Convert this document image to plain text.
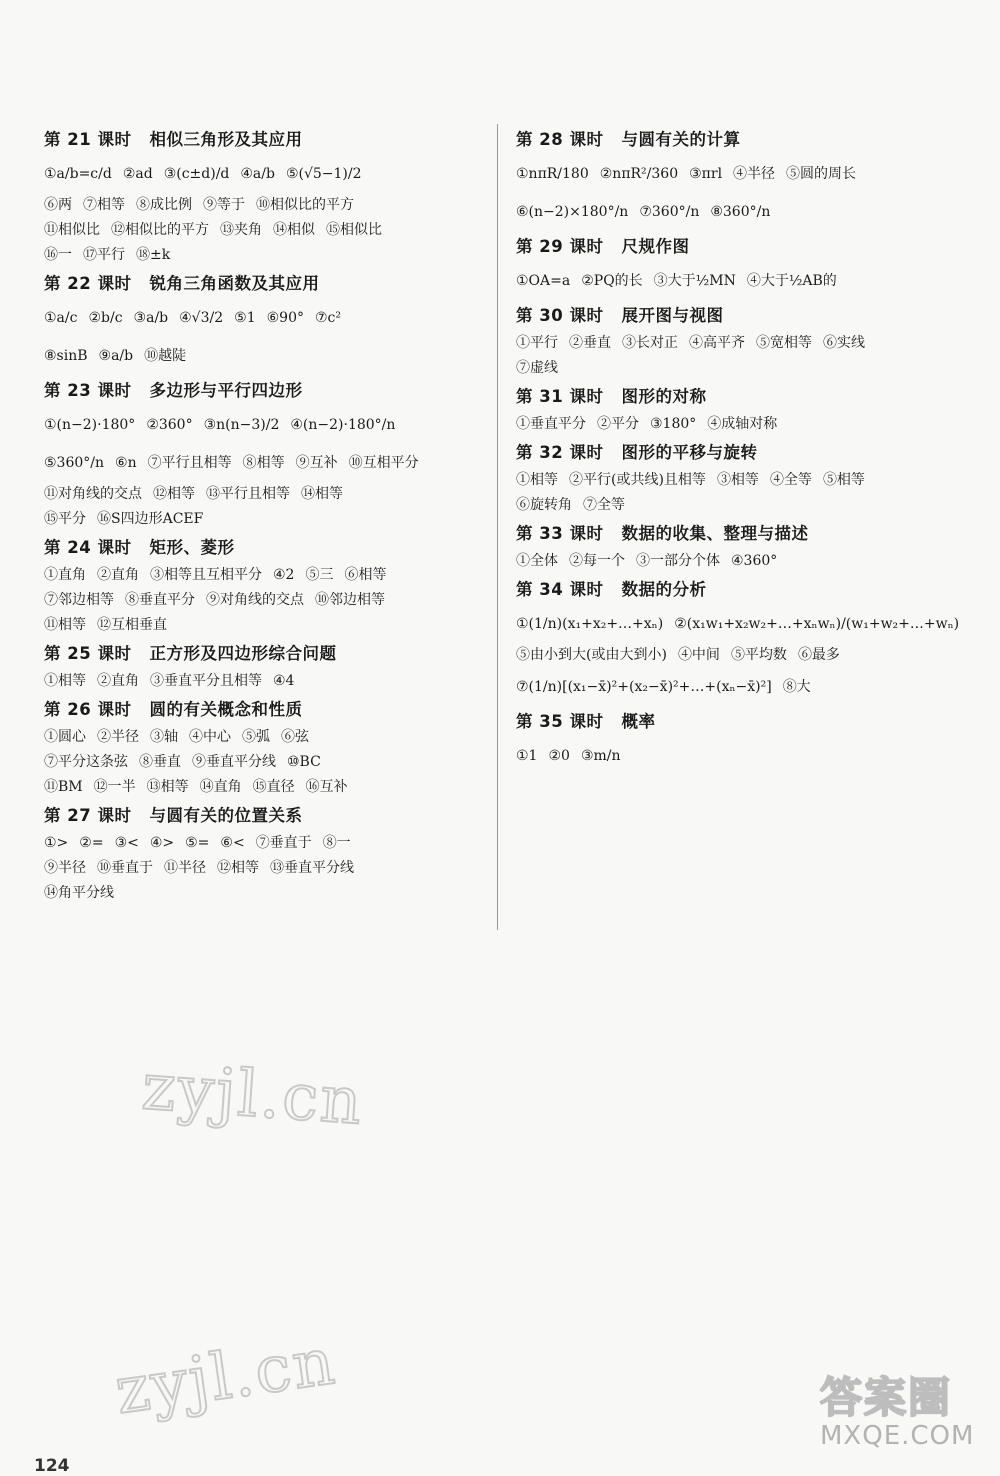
第 21 课时 相似三角形及其应用
①a/b=c/d ②ad ③(c±d)/d ④a/b ⑤(√5−1)/2
⑥两 ⑦相等 ⑧成比例 ⑨等于 ⑩相似比的平方
⑪相似比 ⑫相似比的平方 ⑬夹角 ⑭相似 ⑮相似比
⑯一 ⑰平行 ⑱±k
第 22 课时 锐角三角函数及其应用
①a/c ②b/c ③a/b ④√3/2 ⑤1 ⑥90° ⑦c²
⑧sinB ⑨a/b ⑩越陡
第 23 课时 多边形与平行四边形
①(n−2)·180° ②360° ③n(n−3)/2 ④(n−2)·180°/n
⑤360°/n ⑥n ⑦平行且相等 ⑧相等 ⑨互补 ⑩互相平分
⑪对角线的交点 ⑫相等 ⑬平行且相等 ⑭相等
⑮平分 ⑯S四边形ACEF
第 24 课时 矩形、菱形
①直角 ②直角 ③相等且互相平分 ④2 ⑤三 ⑥相等
⑦邻边相等 ⑧垂直平分 ⑨对角线的交点 ⑩邻边相等
⑪相等 ⑫互相垂直
第 25 课时 正方形及四边形综合问题
①相等 ②直角 ③垂直平分且相等 ④4
第 26 课时 圆的有关概念和性质
①圆心 ②半径 ③轴 ④中心 ⑤弧 ⑥弦
⑦平分这条弦 ⑧垂直 ⑨垂直平分线 ⑩BC
⑪BM ⑫一半 ⑬相等 ⑭直角 ⑮直径 ⑯互补
第 27 课时 与圆有关的位置关系
①> ②= ③< ④> ⑤= ⑥< ⑦垂直于 ⑧一
⑨半径 ⑩垂直于 ⑪半径 ⑫相等 ⑬垂直平分线
⑭角平分线
第 28 课时 与圆有关的计算
①nπR/180 ②nπR²/360 ③πrl ④半径 ⑤圆的周长
⑥(n−2)×180°/n ⑦360°/n ⑧360°/n
第 29 课时 尺规作图
①OA=a ②PQ的长 ③大于½MN ④大于½AB的
第 30 课时 展开图与视图
①平行 ②垂直 ③长对正 ④高平齐 ⑤宽相等 ⑥实线
⑦虚线
第 31 课时 图形的对称
①垂直平分 ②平分 ③180° ④成轴对称
第 32 课时 图形的平移与旋转
①相等 ②平行(或共线)且相等 ③相等 ④全等 ⑤相等
⑥旋转角 ⑦全等
第 33 课时 数据的收集、整理与描述
①全体 ②每一个 ③一部分个体 ④360°
第 34 课时 数据的分析
①(1/n)(x₁+x₂+…+xₙ) ②(x₁w₁+x₂w₂+…+xₙwₙ)/(w₁+w₂+…+wₙ)
⑤由小到大(或由大到小) ④中间 ⑤平均数 ⑥最多
⑦(1/n)[(x₁−x̄)²+(x₂−x̄)²+…+(xₙ−x̄)²] ⑧大
第 35 课时 概率
①1 ②0 ③m/n
zyjl.cn
zyjl.cn	答案圈
MXQE.COM
124
